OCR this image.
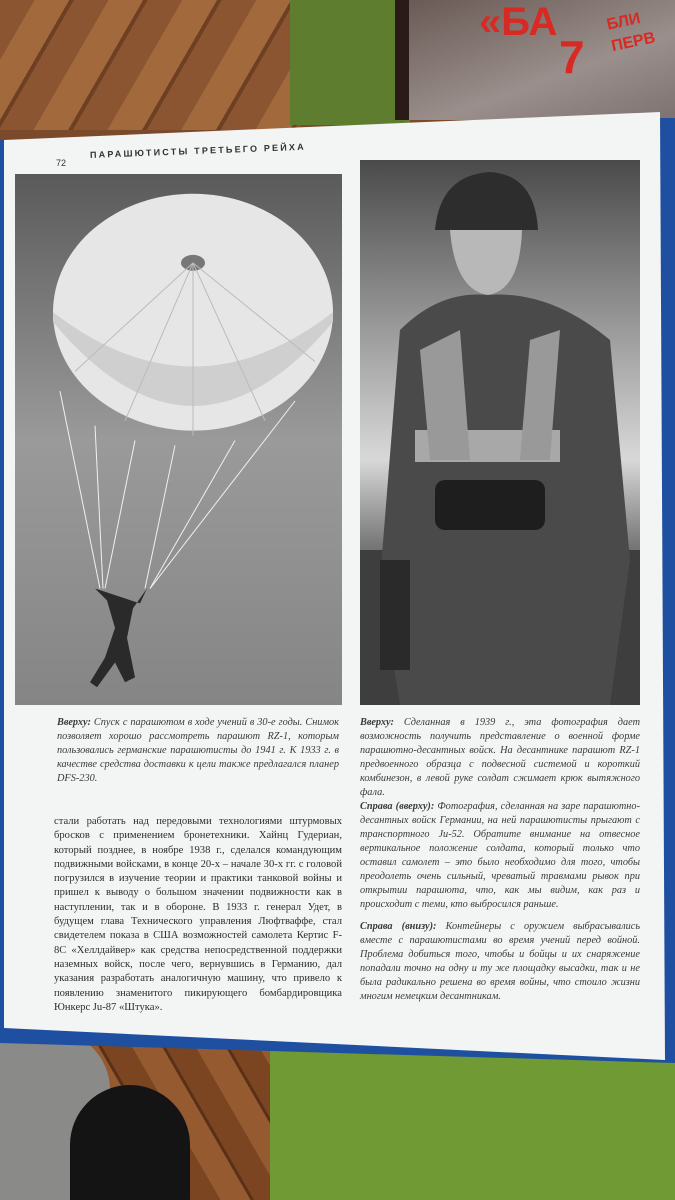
«БА
7
БЛИ
ПЕРВ
72
ПАРАШЮТИСТЫ ТРЕТЬЕГО РЕЙХА
Вверху: Спуск с парашютом в ходе учений в 30-е годы. Снимок позволяет хорошо рассмотреть парашют RZ-1, которым пользовались германские парашютисты до 1941 г. К 1933 г. в качестве средства доставки к цели также предлагался планер DFS-230.
стали работать над передовыми технологиями штурмовых бросков с применением бронетехники. Хайнц Гудериан, который позднее, в ноябре 1938 г., сделался командующим подвижными войсками, в конце 20-х – начале 30-х гг. с головой погрузился в изучение теории и практики танковой войны и пришел к выводу о большом значении подвижности как в наступлении, так и в обороне. В 1933 г. генерал Удет, в будущем глава Технического управления Люфтваффе, стал свидетелем показа в США возможностей самолета Кертис F-8C «Хеллдайвер» как средства непосредственной поддержки наземных войск, после чего, вернувшись в Германию, дал указания разработать аналогичную машину, что привело к появлению знаменитого пикирующего бомбардировщика Юнкерс Ju-87 «Штука».
Вверху: Сделанная в 1939 г., эта фотография дает возможность получить представление о военной форме парашютно-десантных войск. На десантнике парашют RZ-1 предвоенного образца с подвесной системой и короткий комбинезон, в левой руке солдат сжимает крюк вытяжного фала.
Справа (вверху): Фотография, сделанная на заре парашютно-десантных войск Германии, на ней парашютисты прыгают с транспортного Ju-52. Обратите внимание на отвесное вертикальное положение солдата, который только что оставил самолет – это было необходимо для того, чтобы преодолеть очень сильный, чреватый травмами рывок при открытии парашюта, что, как мы видим, как раз и происходит с теми, кто выбросился раньше.
Справа (внизу): Контейнеры с оружием выбрасывались вместе с парашютистами во время учений перед войной. Проблема добиться того, чтобы и бойцы и их снаряжение попадали точно на одну и ту же площадку высадки, так и не была радикально решена во время войны, что стоило жизни многим немецким десантникам.
